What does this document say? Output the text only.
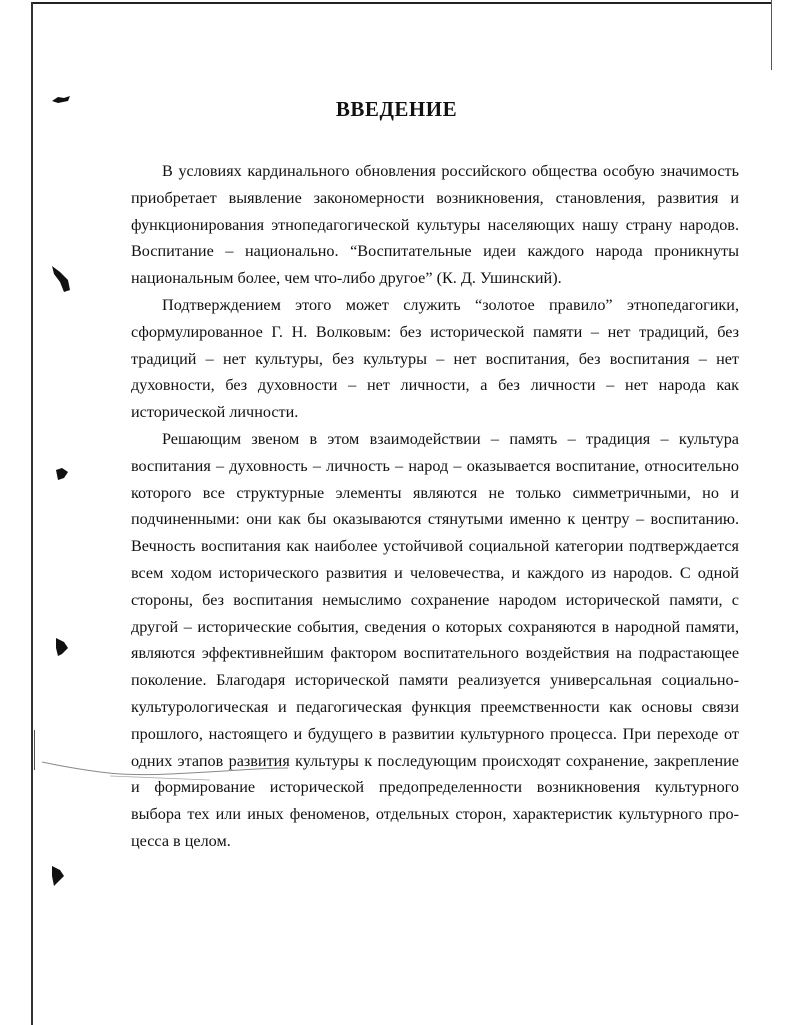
ВВЕДЕНИЕ

В условиях кардинального обновления российского общества особую значимость приобретает выявление закономерности возникновения, становления, развития и функционирования этнопедагогической культуры населяющих нашу страну народов. Воспитание – национально. “Воспитательные идеи каждого народа проникнуты национальным более, чем что-либо другое” (К. Д. Ушинский).

Подтверждением этого может служить “золотое правило” этнопедагогики, сформулированное Г. Н. Волковым: без исторической памяти – нет традиций, без традиций – нет культуры, без культуры – нет воспитания, без воспитания – нет духовности, без духовности – нет личности, а без личности – нет народа как исторической личности.

Решающим звеном в этом взаимодействии – память – традиция – культура воспитания – духовность – личность – народ – оказывается воспитание, относительно которого все структурные элементы являются не только симметричными, но и подчиненными: они как бы оказываются стянутыми именно к центру – воспитанию. Вечность воспитания как наиболее устойчивой социальной категории подтверждается всем ходом исторического развития и человечества, и каждого из народов. С одной стороны, без воспитания немыслимо сохранение народом исторической памяти, с другой – исторические события, сведения о которых сохраняются в народной памяти, являются эффективнейшим фактором воспитательного воздействия на подрастающее поколение. Благодаря исторической памяти реализуется универсальная социально-культурологическая и педагогическая функция преемственности как основы связи прошлого, настоящего и будущего в развитии культурного процесса. При переходе от одних этапов развития культуры к последующим происходят сохранение, закрепление и формирование исторической предопределенности возникновения культурного выбора тех или иных феноменов, отдельных сторон, характеристик культурного процесса в целом.
